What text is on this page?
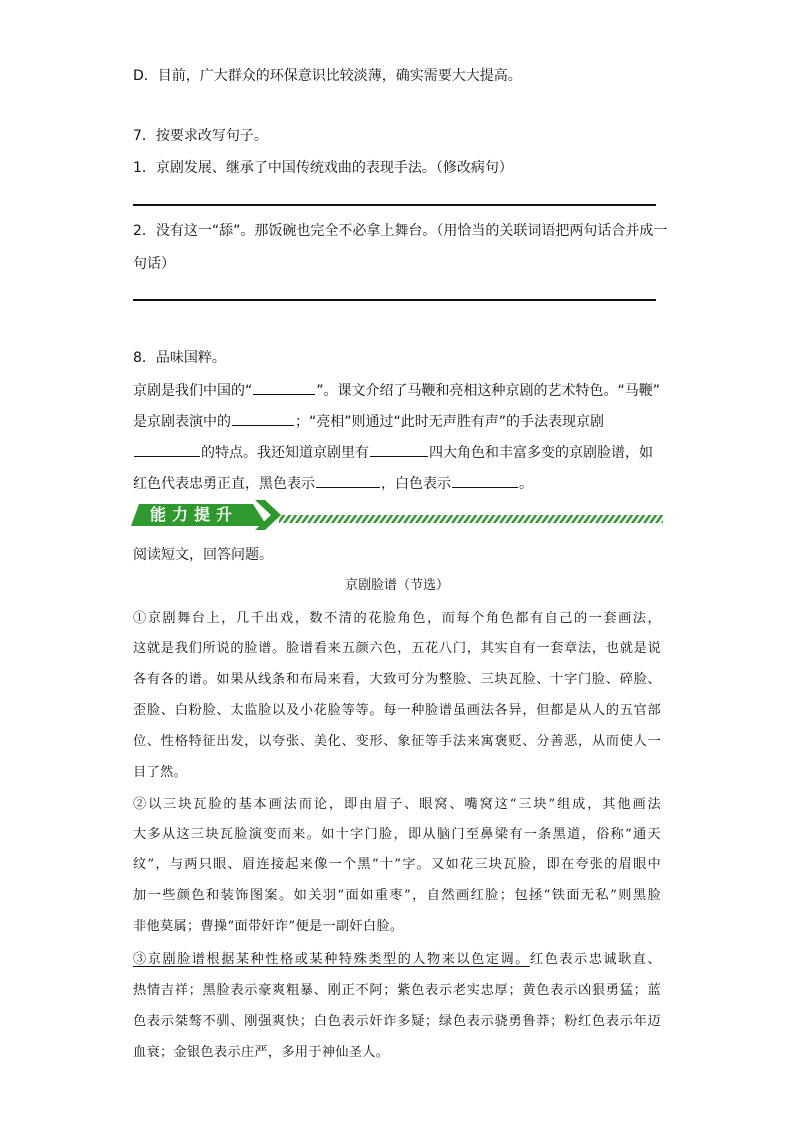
D．目前，广大群众的环保意识比较淡薄，确实需要大大提高。
7．按要求改写句子。
1．京剧发展、继承了中国传统戏曲的表现手法。（修改病句）
2．没有这一“舔”。那饭碗也完全不必拿上舞台。（用恰当的关联词语把两句话合并成一
句话）
8．品味国粹。
京剧是我们中国的“	”。课文介绍了马鞭和亮相这种京剧的艺术特色。“马鞭”
是京剧表演中的	；“亮相”则通过“此时无声胜有声”的手法表现京剧
的特点。我还知道京剧里有	四大角色和丰富多变的京剧脸谱，如
红色代表忠勇正直，黑色表示	，白色表示	。
能力提升
阅读短文，回答问题。
京剧脸谱（节选）
①京剧舞台上，几千出戏，数不清的花脸角色，而每个角色都有自己的一套画法，
这就是我们所说的脸谱。脸谱看来五颜六色，五花八门，其实自有一套章法，也就是说
各有各的谱。如果从线条和布局来看，大致可分为整脸、三块瓦脸、十字门脸、碎脸、
歪脸、白粉脸、太监脸以及小花脸等等。每一种脸谱虽画法各异，但都是从人的五官部
位、性格特征出发，以夸张、美化、变形、象征等手法来寓褒贬、分善恶，从而使人一
目了然。
②以三块瓦脸的基本画法而论，即由眉子、眼窝、嘴窝这“三块”组成，其他画法
大多从这三块瓦脸演变而来。如十字门脸，即从脑门至鼻梁有一条黑道，俗称“通天
纹”，与两只眼、眉连接起来像一个黑“十”字。又如花三块瓦脸，即在夸张的眉眼中
加一些颜色和装饰图案。如关羽“面如重枣”，自然画红脸；包拯“铁面无私”则黑脸
非他莫属；曹操“面带奸诈”便是一副奸白脸。
③京剧脸谱根据某种性格或某种特殊类型的人物来以色定调。红色表示忠诚耿直、
热情吉祥；黑脸表示豪爽粗暴、刚正不阿；紫色表示老实忠厚；黄色表示凶狠勇猛；蓝
色表示桀骜不驯、刚强爽快；白色表示奸诈多疑；绿色表示骁勇鲁莽；粉红色表示年迈
血衰；金银色表示庄严，多用于神仙圣人。
